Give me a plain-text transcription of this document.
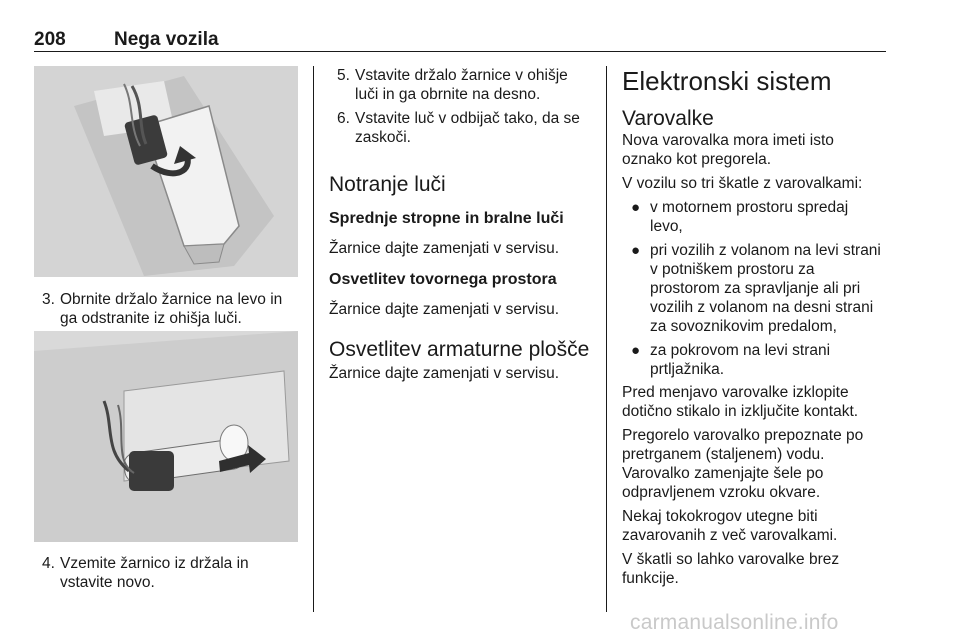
208	Nega vozila

3. Obrnite držalo žarnice na levo in
ga odstranite iz ohišja luči.

4. Vzemite žarnico iz držala in
vstavite novo.

5. Vstavite držalo žarnice v ohišje
luči in ga obrnite na desno.

6. Vstavite luč v odbijač tako, da se
zaskoči.

Notranje luči
Sprednje stropne in bralne luči

Žarnice dajte zamenjati v servisu.

Osvetlitev tovornega prostora

Žarnice dajte zamenjati v servisu.

Osvetlitev armaturne plošče

Žarnice dajte zamenjati v servisu.

Elektronski sistem
Varovalke

Nova varovalka mora imeti isto
oznako kot pregorela.

V vozilu so tri škatle z varovalkami:

● v motornem prostoru spredaj
levo,
● pri vozilih z volanom na levi strani
v potniškem prostoru za
prostorom za spravljanje ali pri
vozilih z volanom na desni strani
za sovoznikovim predalom,
● za pokrovom na levi strani
prtljažnika.

Pred menjavo varovalke izklopite
dotično stikalo in izključite kontakt.

Pregorelo varovalko prepoznate po
pretrganem (staljenem) vodu.
Varovalko zamenjajte šele po
odpravljenem vzroku okvare.

Nekaj tokokrogov utegne biti
zavarovanih z več varovalkami.

V škatli so lahko varovalke brez
funkcije.

carmanualsonline.info
